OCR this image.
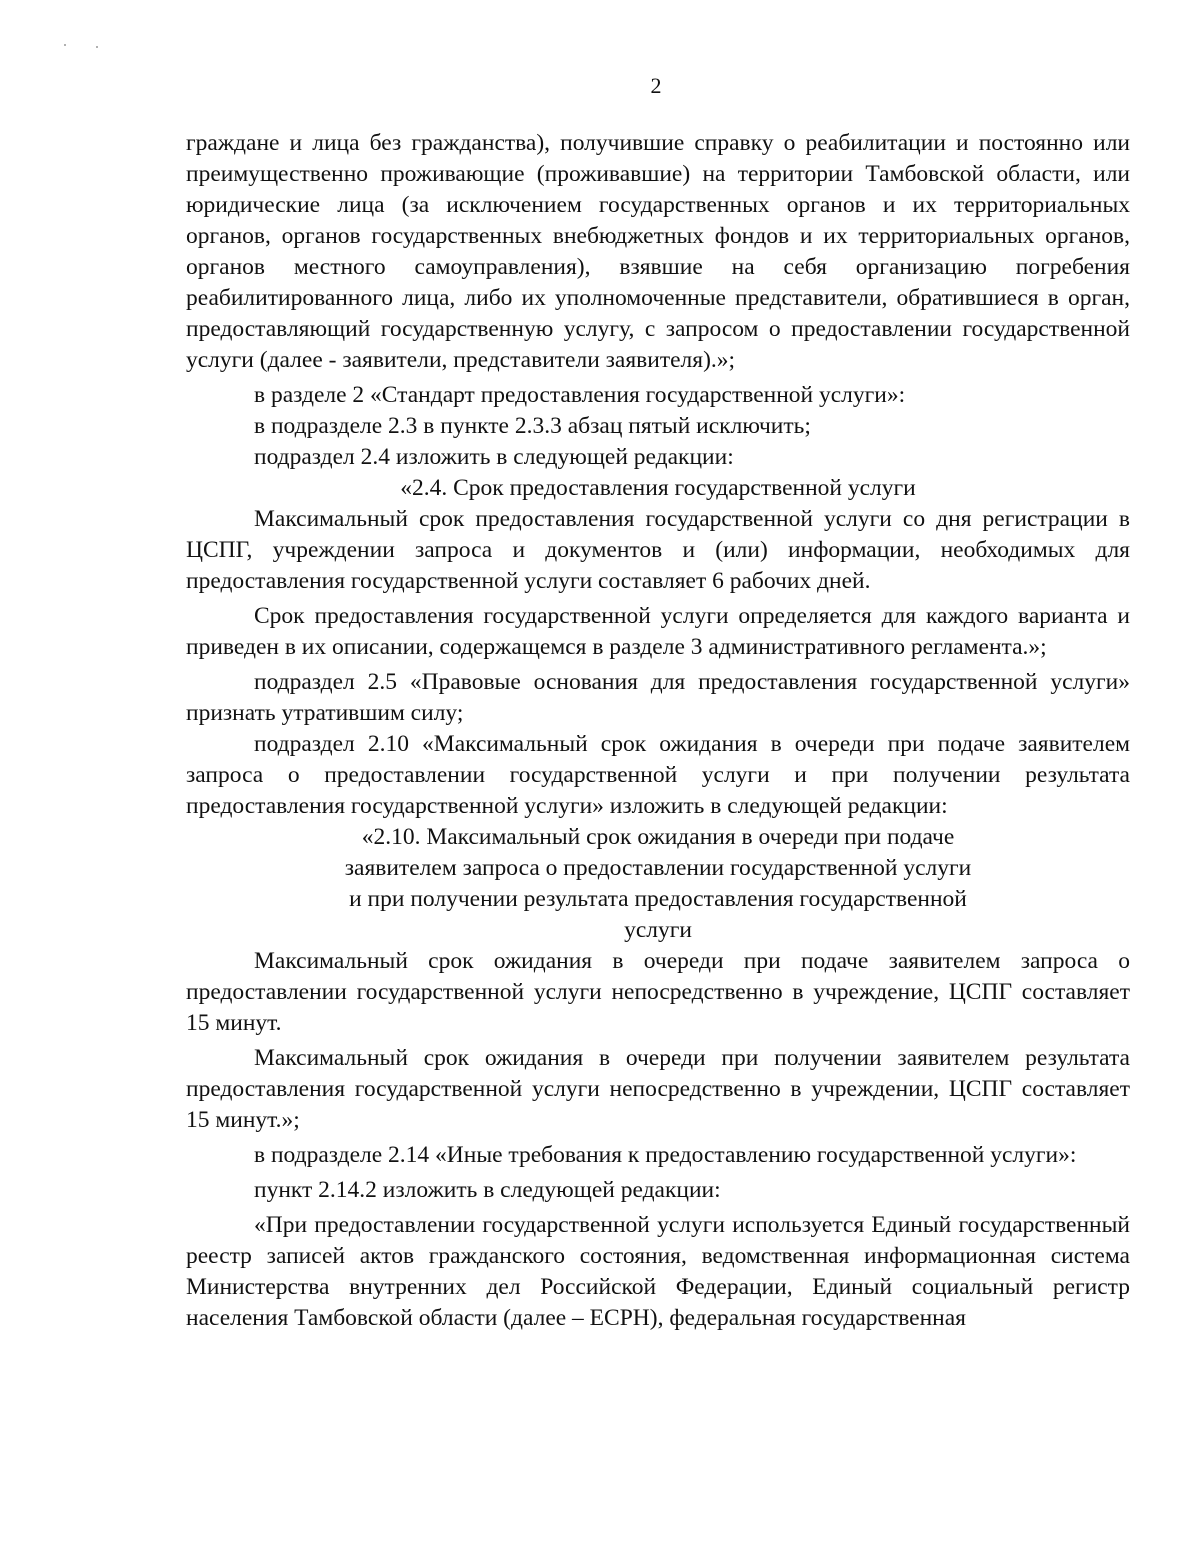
2

граждане и лица без гражданства), получившие справку о реабилитации и постоянно или преимущественно проживающие (проживавшие) на территории Тамбовской области, или юридические лица (за исключением государственных органов и их территориальных органов, органов государственных внебюджетных фондов и их территориальных органов, органов местного самоуправления), взявшие на себя организацию погребения реабилитированного лица, либо их уполномоченные представители, обратившиеся в орган, предоставляющий государственную услугу, с запросом о предоставлении государственной услуги (далее - заявители, представители заявителя).»;

в разделе 2 «Стандарт предоставления государственной услуги»:

в подразделе 2.3 в пункте 2.3.3 абзац пятый исключить;

подраздел 2.4 изложить в следующей редакции:

«2.4. Срок предоставления государственной услуги

Максимальный срок предоставления государственной услуги со дня регистрации в ЦСПГ, учреждении запроса и документов и (или) информации, необходимых для предоставления государственной услуги составляет 6 рабочих дней.

Срок предоставления государственной услуги определяется для каждого варианта и приведен в их описании, содержащемся в разделе 3 административного регламента.»;

подраздел 2.5 «Правовые основания для предоставления государственной услуги» признать утратившим силу;

подраздел 2.10 «Максимальный срок ожидания в очереди при подаче заявителем запроса о предоставлении государственной услуги и при получении результата предоставления государственной услуги» изложить в следующей редакции:

«2.10. Максимальный срок ожидания в очереди при подаче

заявителем запроса о предоставлении государственной услуги

и при получении результата предоставления государственной

услуги

Максимальный срок ожидания в очереди при подаче заявителем запроса о предоставлении государственной услуги непосредственно в учреждение, ЦСПГ составляет 15 минут.

Максимальный срок ожидания в очереди при получении заявителем результата предоставления государственной услуги непосредственно в учреждении, ЦСПГ составляет 15 минут.»;

в подразделе 2.14 «Иные требования к предоставлению государственной услуги»:

пункт 2.14.2 изложить в следующей редакции:

«При предоставлении государственной услуги используется Единый государственный реестр записей актов гражданского состояния, ведомственная информационная система Министерства внутренних дел Российской Федерации, Единый социальный регистр населения Тамбовской области (далее – ЕСРН), федеральная государственная
